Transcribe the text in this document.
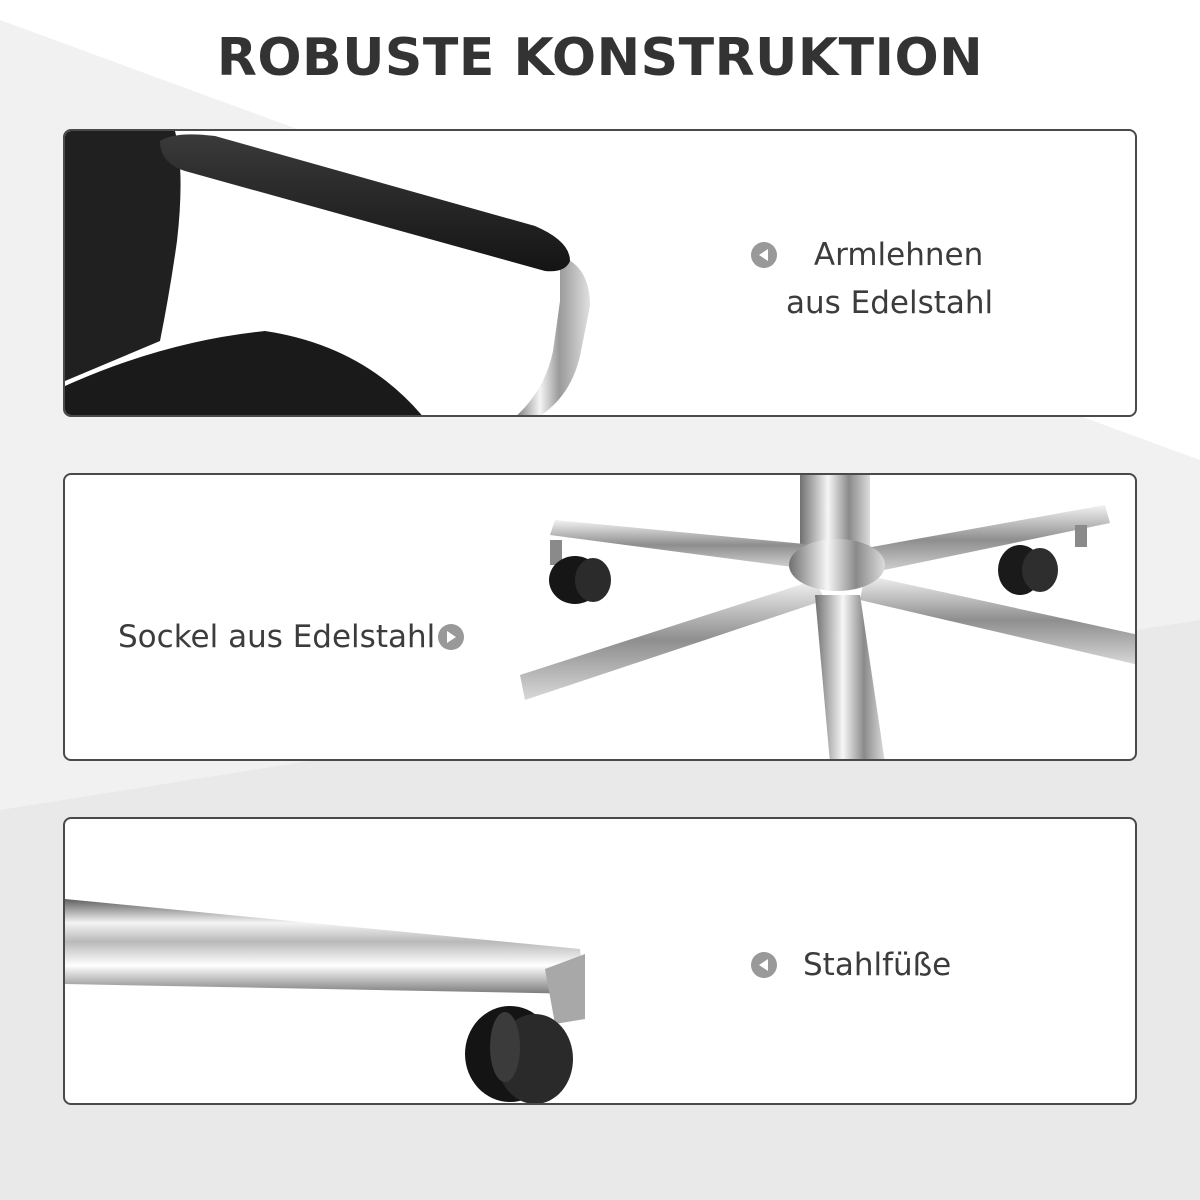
ROBUSTE KONSTRUKTION
Armlehnen
aus Edelstahl
Sockel aus Edelstahl
Stahlfüße
